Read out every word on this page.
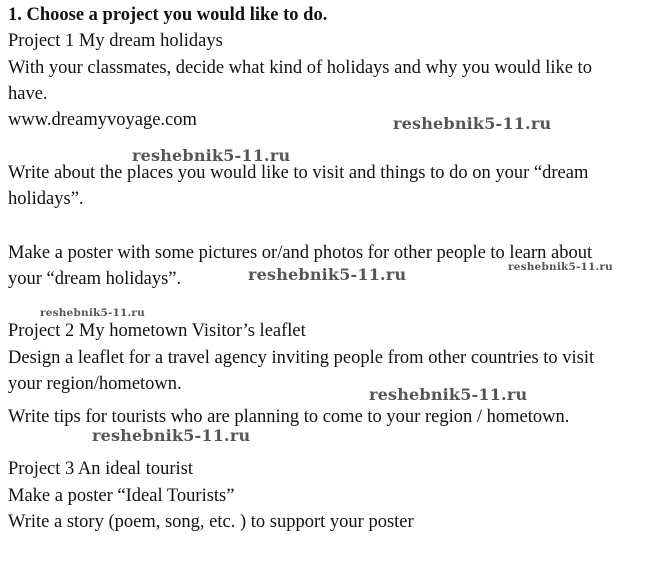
1. Choose a project you would like to do.
Project 1 My dream holidays
With your classmates, decide what kind of holidays and why you would like to
have.
www.dreamyvoyage.com
Write about the places you would like to visit and things to do on your “dream
holidays”.
Make a poster with some pictures or/and photos for other people to learn about
your “dream holidays”.
Project 2 My hometown Visitor’s leaflet
Design a leaflet for a travel agency inviting people from other countries to visit
your region/hometown.
Write tips for tourists who are planning to come to your region / hometown.
Project 3 An ideal tourist
Make a poster “Ideal Tourists”
Write a story (poem, song, etc. ) to support your poster
reshebnik5-11.ru
reshebnik5-11.ru
reshebnik5-11.ru	reshebnik5-11.ru
reshebnik5-11.ru
reshebnik5-11.ru
reshebnik5-11.ru
